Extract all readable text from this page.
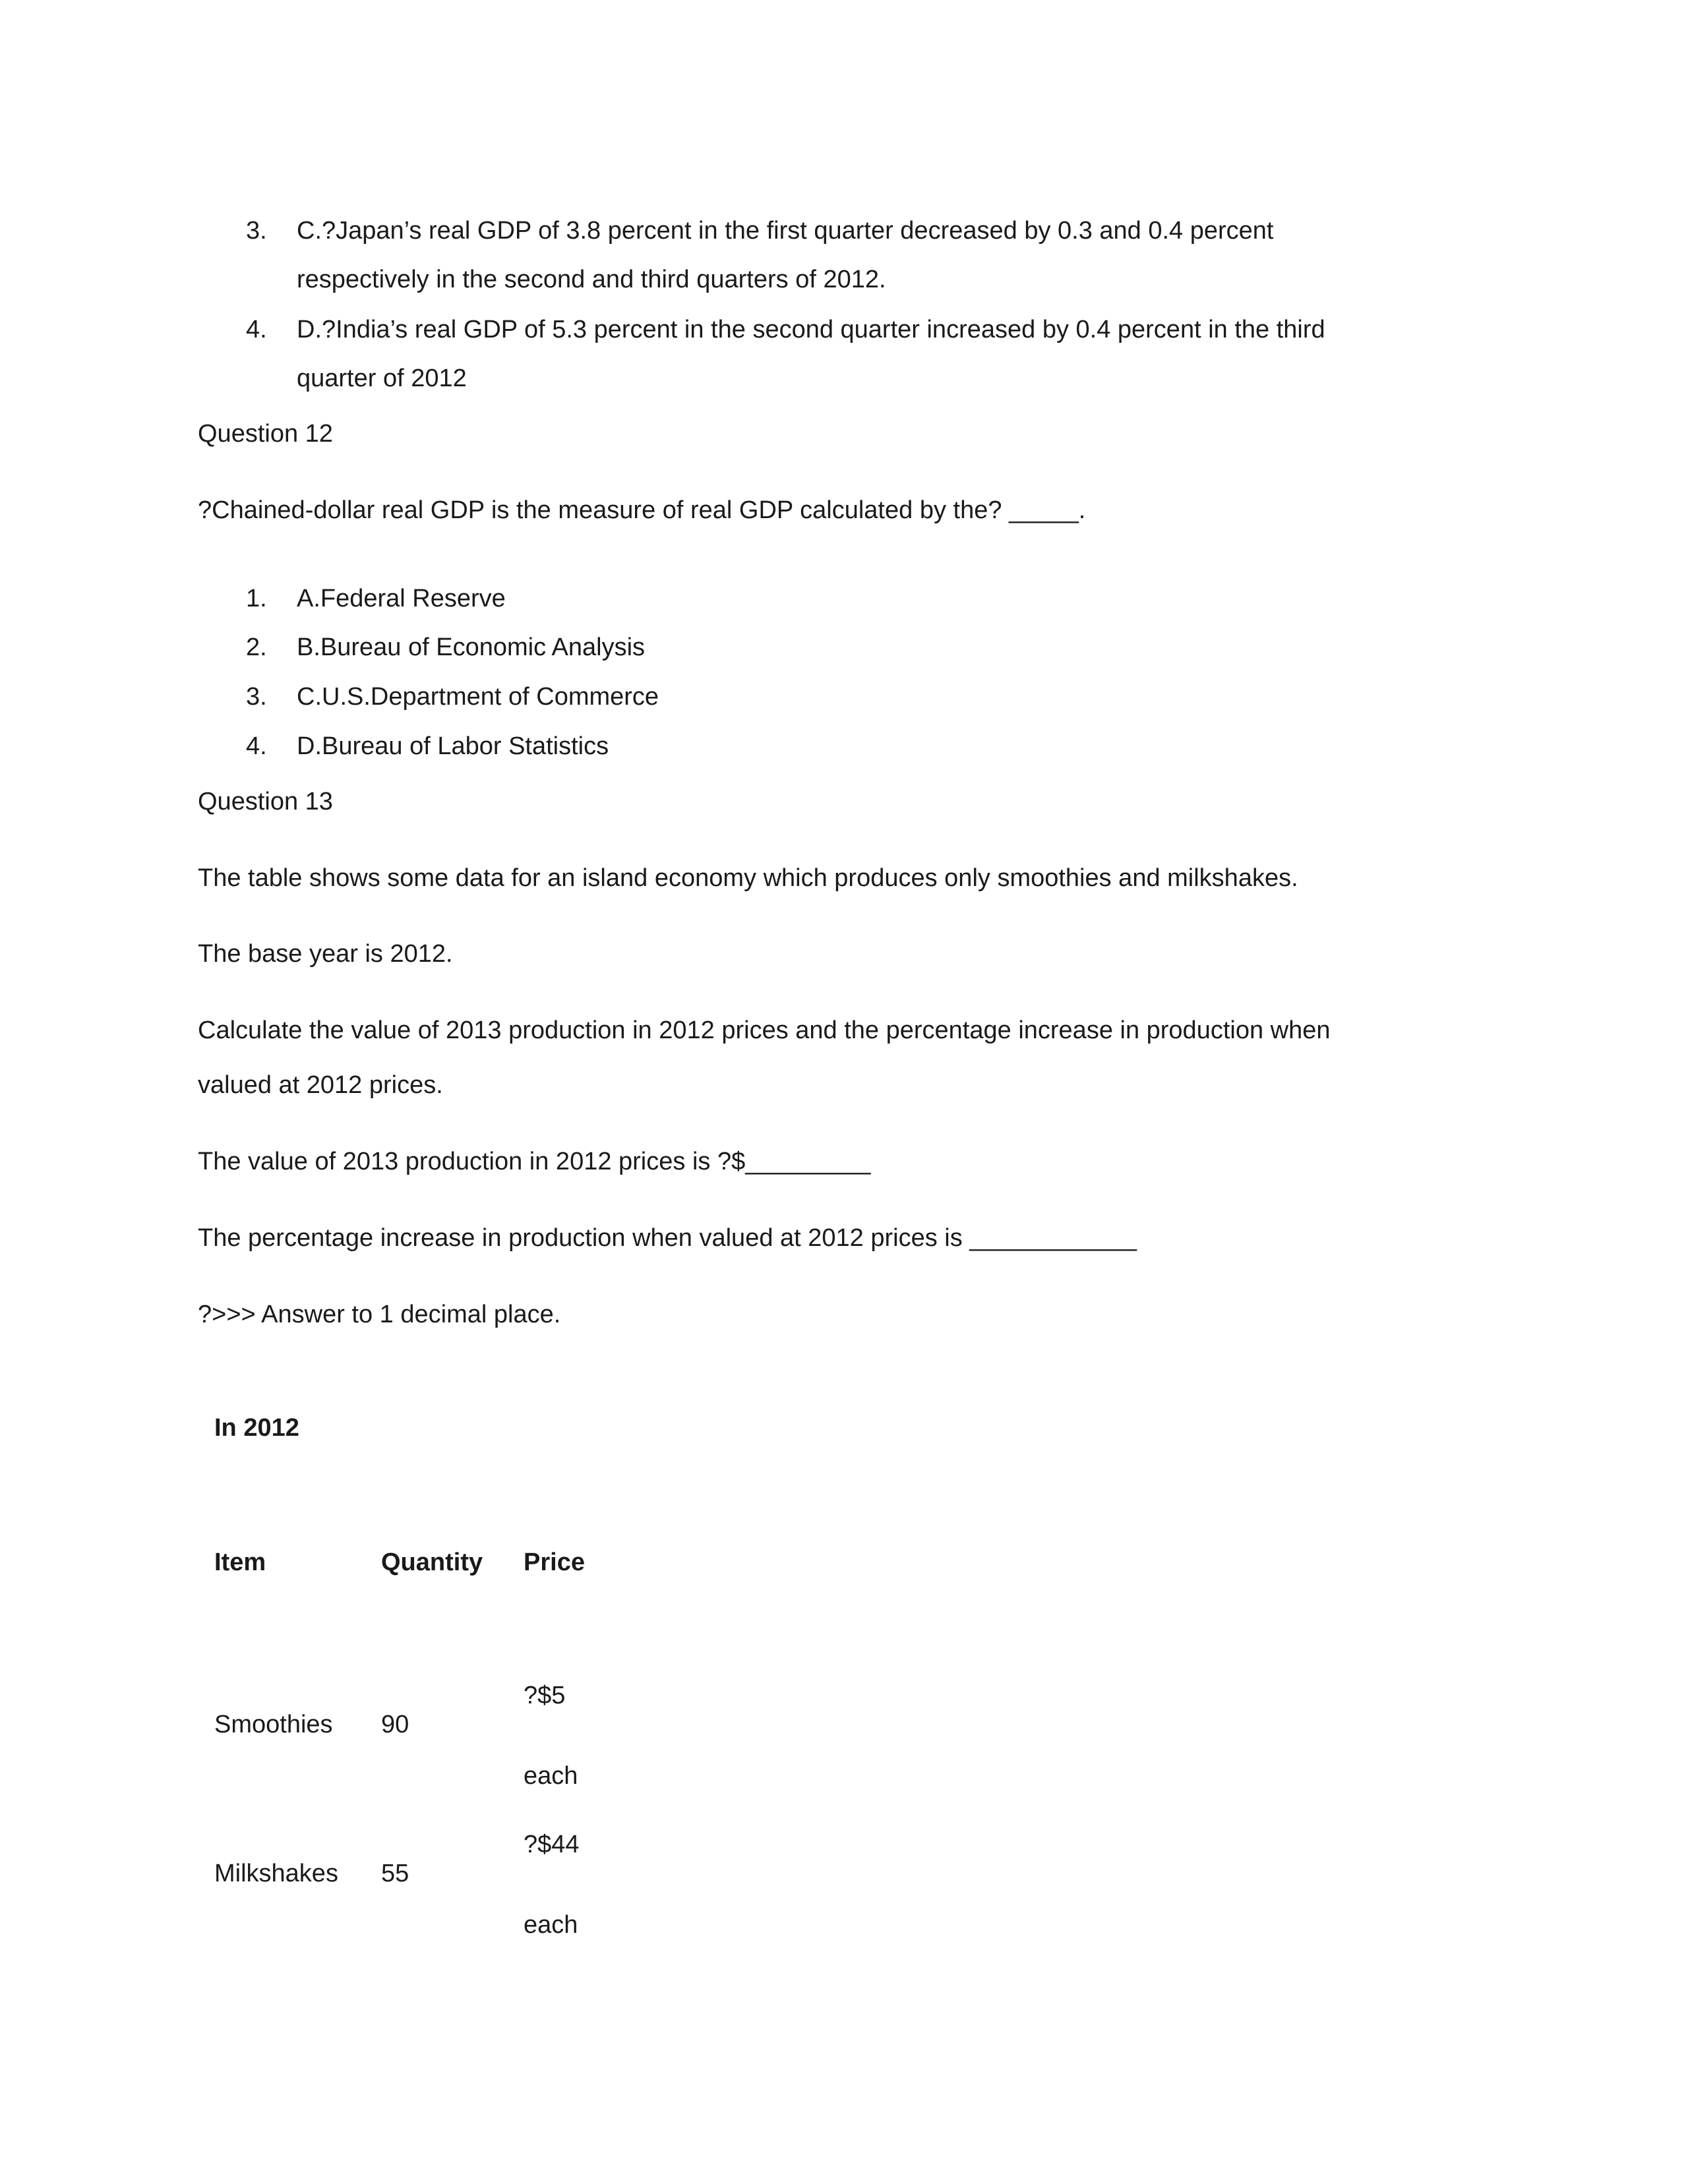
3. C.?Japan’s real GDP of 3.8 percent in the first quarter decreased by 0.3 and 0.4 percent
respectively in the second and third quarters of 2012.
4. D.?India’s real GDP of 5.3 percent in the second quarter increased by 0.4 percent in the third
quarter of 2012
Question 12
?Chained-dollar real GDP is the measure of real GDP calculated by the? _____.
1. A.Federal Reserve
2. B.Bureau of Economic Analysis
3. C.U.S.Department of Commerce
4. D.Bureau of Labor Statistics
Question 13
The table shows some data for an island economy which produces only smoothies and milkshakes.
The base year is 2012.
Calculate the value of 2013 production in 2012 prices and the percentage increase in production when
valued at 2012 prices.
The value of 2013 production in 2012 prices is ?$_________
The percentage increase in production when valued at 2012 prices is ____________
?>>> Answer to 1 decimal place.
In 2012
Item	Quantity Price
Smoothies 90
?$5
each
Milkshakes 55
?$44
each
